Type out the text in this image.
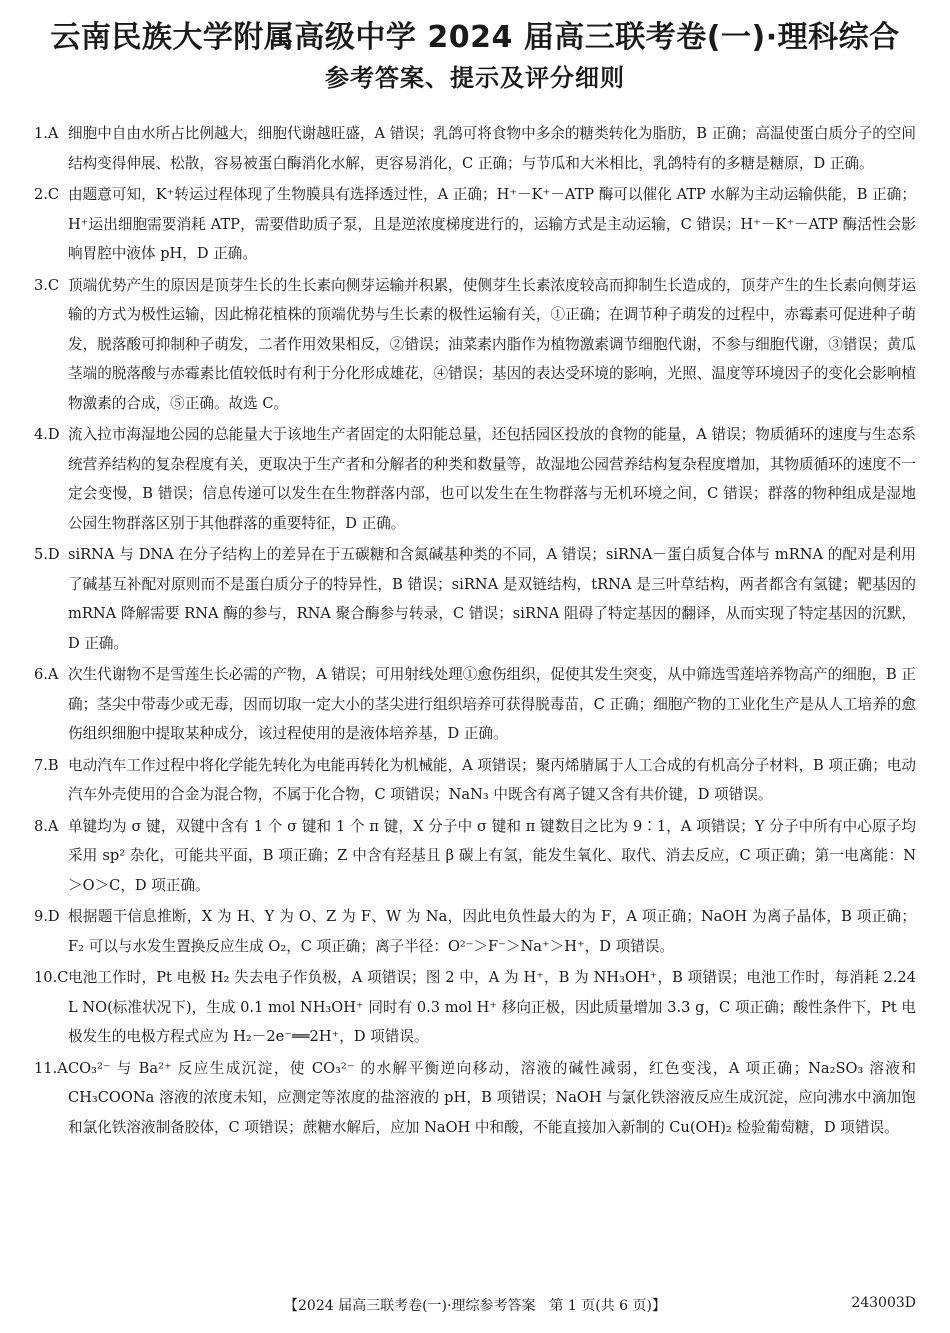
云南民族大学附属高级中学 2024 届高三联考卷(一)·理科综合
参考答案、提示及评分细则
1.A 细胞中自由水所占比例越大，细胞代谢越旺盛，A 错误；乳鸽可将食物中多余的糖类转化为脂肪，B 正确；高温使蛋白质分子的空间结构变得伸展、松散，容易被蛋白酶消化水解，更容易消化，C 正确；与节瓜和大米相比，乳鸽特有的多糖是糖原，D 正确。
2.C 由题意可知，K⁺转运过程体现了生物膜具有选择透过性，A 正确；H⁺－K⁺－ATP 酶可以催化 ATP 水解为主动运输供能，B 正确；H⁺运出细胞需要消耗 ATP，需要借助质子泵，且是逆浓度梯度进行的，运输方式是主动运输，C 错误；H⁺－K⁺－ATP 酶活性会影响胃腔中液体 pH，D 正确。
3.C 顶端优势产生的原因是顶芽生长的生长素向侧芽运输并积累，使侧芽生长素浓度较高而抑制生长造成的，顶芽产生的生长素向侧芽运输的方式为极性运输，因此棉花植株的顶端优势与生长素的极性运输有关，①正确；在调节种子萌发的过程中，赤霉素可促进种子萌发，脱落酸可抑制种子萌发，二者作用效果相反，②错误；油菜素内脂作为植物激素调节细胞代谢，不参与细胞代谢，③错误；黄瓜茎端的脱落酸与赤霉素比值较低时有利于分化形成雄花，④错误；基因的表达受环境的影响，光照、温度等环境因子的变化会影响植物激素的合成，⑤正确。故选 C。
4.D 流入拉市海湿地公园的总能量大于该地生产者固定的太阳能总量，还包括园区投放的食物的能量，A 错误；物质循环的速度与生态系统营养结构的复杂程度有关，更取决于生产者和分解者的种类和数量等，故湿地公园营养结构复杂程度增加，其物质循环的速度不一定会变慢，B 错误；信息传递可以发生在生物群落内部，也可以发生在生物群落与无机环境之间，C 错误；群落的物种组成是湿地公园生物群落区别于其他群落的重要特征，D 正确。
5.D siRNA 与 DNA 在分子结构上的差异在于五碳糖和含氮碱基种类的不同，A 错误；siRNA－蛋白质复合体与 mRNA 的配对是利用了碱基互补配对原则而不是蛋白质分子的特异性，B 错误；siRNA 是双链结构，tRNA 是三叶草结构，两者都含有氢键；靶基因的 mRNA 降解需要 RNA 酶的参与，RNA 聚合酶参与转录，C 错误；siRNA 阻碍了特定基因的翻译，从而实现了特定基因的沉默，D 正确。
6.A 次生代谢物不是雪莲生长必需的产物，A 错误；可用射线处理①愈伤组织，促使其发生突变，从中筛选雪莲培养物高产的细胞，B 正确；茎尖中带毒少或无毒，因而切取一定大小的茎尖进行组织培养可获得脱毒苗，C 正确；细胞产物的工业化生产是从人工培养的愈伤组织细胞中提取某种成分，该过程使用的是液体培养基，D 正确。
7.B 电动汽车工作过程中将化学能先转化为电能再转化为机械能，A 项错误；聚丙烯腈属于人工合成的有机高分子材料，B 项正确；电动汽车外壳使用的合金为混合物，不属于化合物，C 项错误；NaN₃ 中既含有离子键又含有共价键，D 项错误。
8.A 单键均为 σ 键，双键中含有 1 个 σ 键和 1 个 π 键，X 分子中 σ 键和 π 键数目之比为 9∶1，A 项错误；Y 分子中所有中心原子均采用 sp² 杂化，可能共平面，B 项正确；Z 中含有羟基且 β 碳上有氢，能发生氧化、取代、消去反应，C 项正确；第一电离能：N＞O＞C，D 项正确。
9.D 根据题干信息推断，X 为 H、Y 为 O、Z 为 F、W 为 Na，因此电负性最大的为 F，A 项正确；NaOH 为离子晶体，B 项正确；F₂ 可以与水发生置换反应生成 O₂，C 项正确；离子半径：O²⁻＞F⁻＞Na⁺＞H⁺，D 项错误。
10.C 电池工作时，Pt 电极 H₂ 失去电子作负极，A 项错误；图 2 中，A 为 H⁺，B 为 NH₃OH⁺，B 项错误；电池工作时，每消耗 2.24 L NO(标准状况下)，生成 0.1 mol NH₃OH⁺ 同时有 0.3 mol H⁺ 移向正极，因此质量增加 3.3 g，C 项正确；酸性条件下，Pt 电极发生的电极方程式应为 H₂－2e⁻══2H⁺，D 项错误。
11.A CO₃²⁻ 与 Ba²⁺ 反应生成沉淀，使 CO₃²⁻ 的水解平衡逆向移动，溶液的碱性减弱，红色变浅，A 项正确；Na₂SO₃ 溶液和 CH₃COONa 溶液的浓度未知，应测定等浓度的盐溶液的 pH，B 项错误；NaOH 与氯化铁溶液反应生成沉淀，应向沸水中滴加饱和氯化铁溶液制备胶体，C 项错误；蔗糖水解后，应加 NaOH 中和酸，不能直接加入新制的 Cu(OH)₂ 检验葡萄糖，D 项错误。
【2024 届高三联考卷(一)·理综参考答案　第 1 页(共 6 页)】	243003D
